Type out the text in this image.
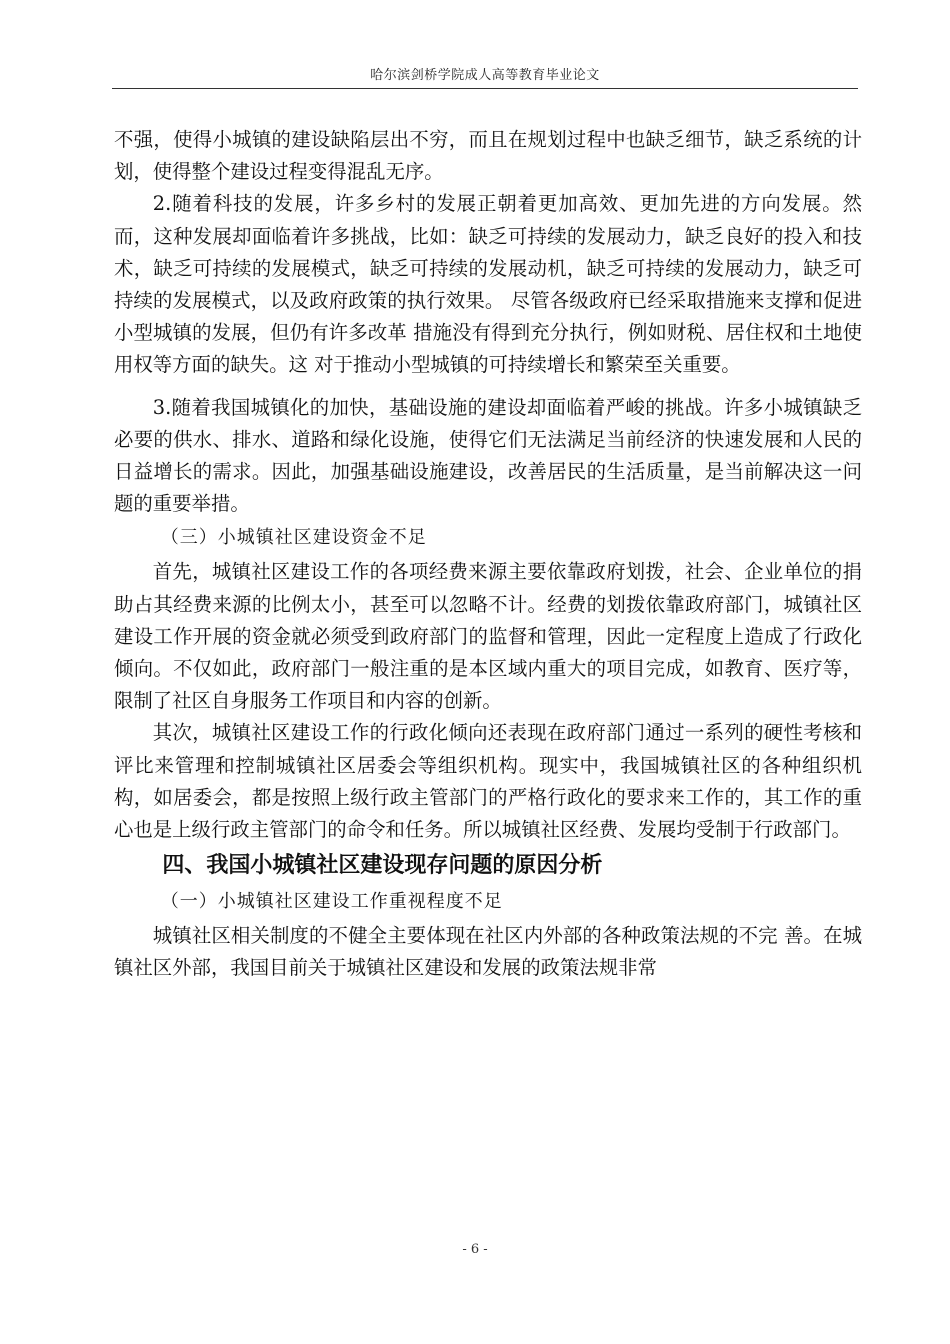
哈尔滨剑桥学院成人高等教育毕业论文

不强，使得小城镇的建设缺陷层出不穷，而且在规划过程中也缺乏细节，缺乏系统的计划，使得整个建设过程变得混乱无序。

2.随着科技的发展，许多乡村的发展正朝着更加高效、更加先进的方向发展。然而，这种发展却面临着许多挑战，比如：缺乏可持续的发展动力，缺乏良好的投入和技术，缺乏可持续的发展模式，缺乏可持续的发展动机，缺乏可持续的发展动力，缺乏可持续的发展模式，以及政府政策的执行效果。 尽管各级政府已经采取措施来支撑和促进小型城镇的发展，但仍有许多改革 措施没有得到充分执行，例如财税、居住权和土地使用权等方面的缺失。这 对于推动小型城镇的可持续增长和繁荣至关重要。

3.随着我国城镇化的加快，基础设施的建设却面临着严峻的挑战。许多小城镇缺乏必要的供水、排水、道路和绿化设施，使得它们无法满足当前经济的快速发展和人民的日益增长的需求。因此，加强基础设施建设，改善居民的生活质量，是当前解决这一问题的重要举措。

（三）小城镇社区建设资金不足

首先，城镇社区建设工作的各项经费来源主要依靠政府划拨，社会、企业单位的捐助占其经费来源的比例太小，甚至可以忽略不计。经费的划拨依靠政府部门，城镇社区建设工作开展的资金就必须受到政府部门的监督和管理，因此一定程度上造成了行政化倾向。不仅如此，政府部门一般注重的是本区域内重大的项目完成，如教育、医疗等，限制了社区自身服务工作项目和内容的创新。

其次，城镇社区建设工作的行政化倾向还表现在政府部门通过一系列的硬性考核和评比来管理和控制城镇社区居委会等组织机构。现实中，我国城镇社区的各种组织机构，如居委会，都是按照上级行政主管部门的严格行政化的要求来工作的，其工作的重心也是上级行政主管部门的命令和任务。所以城镇社区经费、发展均受制于行政部门。

四、我国小城镇社区建设现存问题的原因分析

（一）小城镇社区建设工作重视程度不足

城镇社区相关制度的不健全主要体现在社区内外部的各种政策法规的不完 善。在城镇社区外部，我国目前关于城镇社区建设和发展的政策法规非常

- 6 -
